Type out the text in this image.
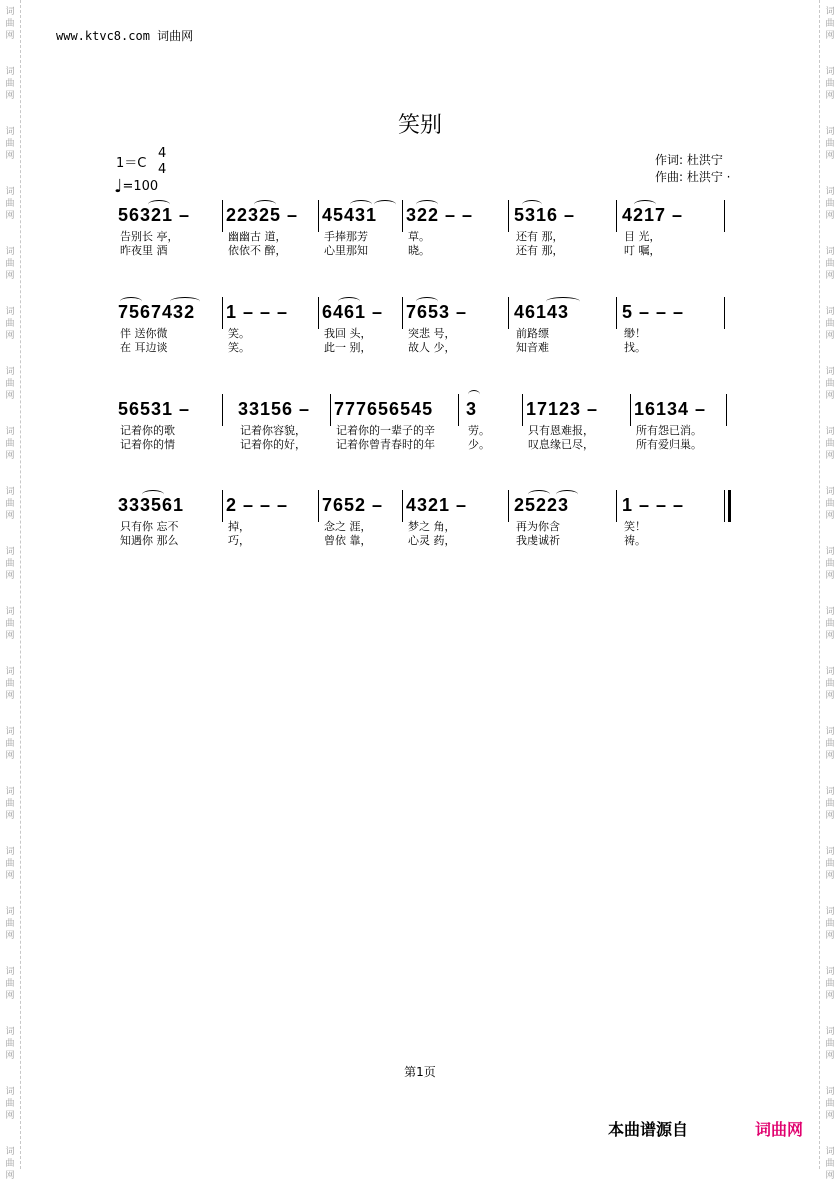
词
曲
网
词
曲
网
词
曲
网
词
曲
网
词
曲
网
词
曲
网
词
曲
网
词
曲
网
词
曲
网
词
曲
网
词
曲
网
词
曲
网
词
曲
网
词
曲
网
词
曲
网
词
曲
网
词
曲
网
词
曲
网
词
曲
网
词
曲
网
词
曲
网
词
曲
网
词
曲
网
词
曲
网
词
曲
网
词
曲
网
词
曲
网
词
曲
网
词
曲
网
词
曲
网
词
曲
网
词
曲
网
词
曲
网
词
曲
网
词
曲
网
词
曲
网
词
曲
网
词
曲
网
词
曲
网
词
曲
网
www.ktvc8.com 词曲网
笑别
1＝C
4
4
♩=100
作词: 杜洪宁
作曲: 杜洪宁 ·
56321 –
告别长 亭，
昨夜里 酒
22325 –
幽幽古 道，
依依不 醉，
45431
手捧那芳
心里那知
322 – –
草。
晓。
5316 –
还有 那，
还有 那，
4217 –
目 光，
叮 嘱，
7567432
伴 送你微
在 耳边谈
1 – – –
笑。
笑。
6461 –
我回 头，
此一 别，
7653 –
突悲 号，
故人 少，
46143
前路缥
知音难
5 – – –
缈！
找。
56531 –
记着你的歌
记着你的情
33156 –
记着你容貌，
记着你的好，
777656545
记着你的一辈子的辛
记着你曾青春时的年
3
劳。
少。
17123 –
只有恩难报，
叹息缘已尽，
16134 –
所有怨已消。
所有爱归巢。
333561
只有你 忘不
知遇你 那么
2 – – –
掉，
巧，
7652 –
念之 涯，
曾依 靠，
4321 –
梦之 角，
心灵 药，
25223
再为你含
我虔诚祈
1 – – –
笑！
祷。
第1页
本曲谱源自	词曲网
